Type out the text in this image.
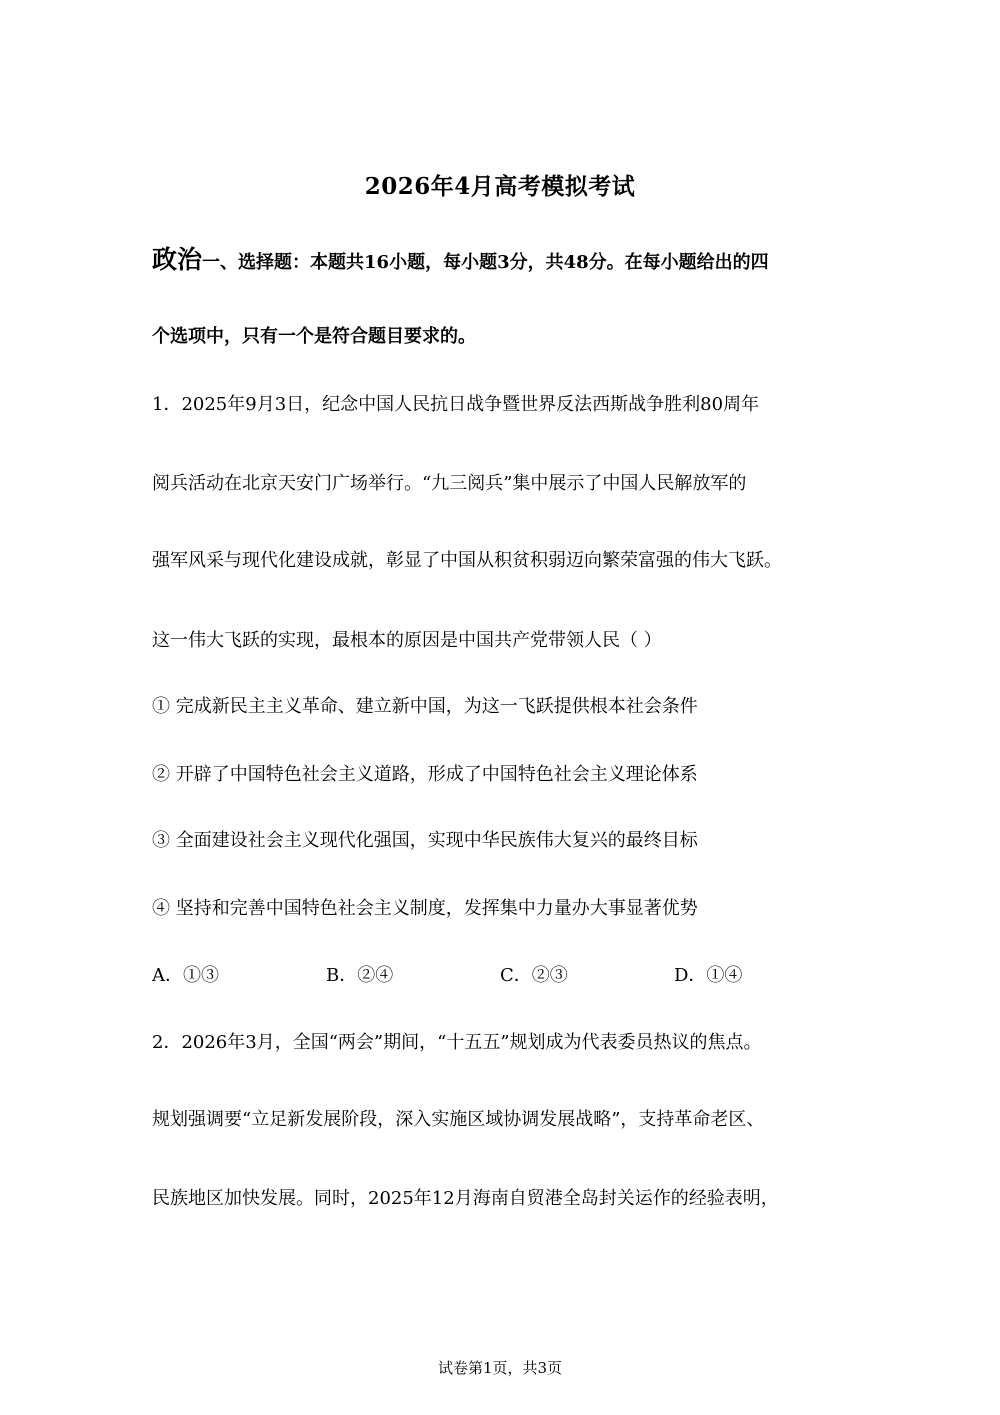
2026年4月高考模拟考试
政治一、选择题：本题共16小题，每小题3分，共48分。在每小题给出的四
个选项中，只有一个是符合题目要求的。
1．2025年9月3日，纪念中国人民抗日战争暨世界反法西斯战争胜利80周年
阅兵活动在北京天安门广场举行。“九三阅兵”集中展示了中国人民解放军的
强军风采与现代化建设成就，彰显了中国从积贫积弱迈向繁荣富强的伟大飞跃。
这一伟大飞跃的实现，最根本的原因是中国共产党带领人民（ ）
① 完成新民主主义革命、建立新中国，为这一飞跃提供根本社会条件
② 开辟了中国特色社会主义道路，形成了中国特色社会主义理论体系
③ 全面建设社会主义现代化强国，实现中华民族伟大复兴的最终目标
④ 坚持和完善中国特色社会主义制度，发挥集中力量办大事显著优势
A．①③	B．②④	C．②③	D．①④
2．2026年3月，全国“两会”期间，“十五五”规划成为代表委员热议的焦点。
规划强调要“立足新发展阶段，深入实施区域协调发展战略”，支持革命老区、
民族地区加快发展。同时，2025年12月海南自贸港全岛封关运作的经验表明，
试卷第1页，共3页
